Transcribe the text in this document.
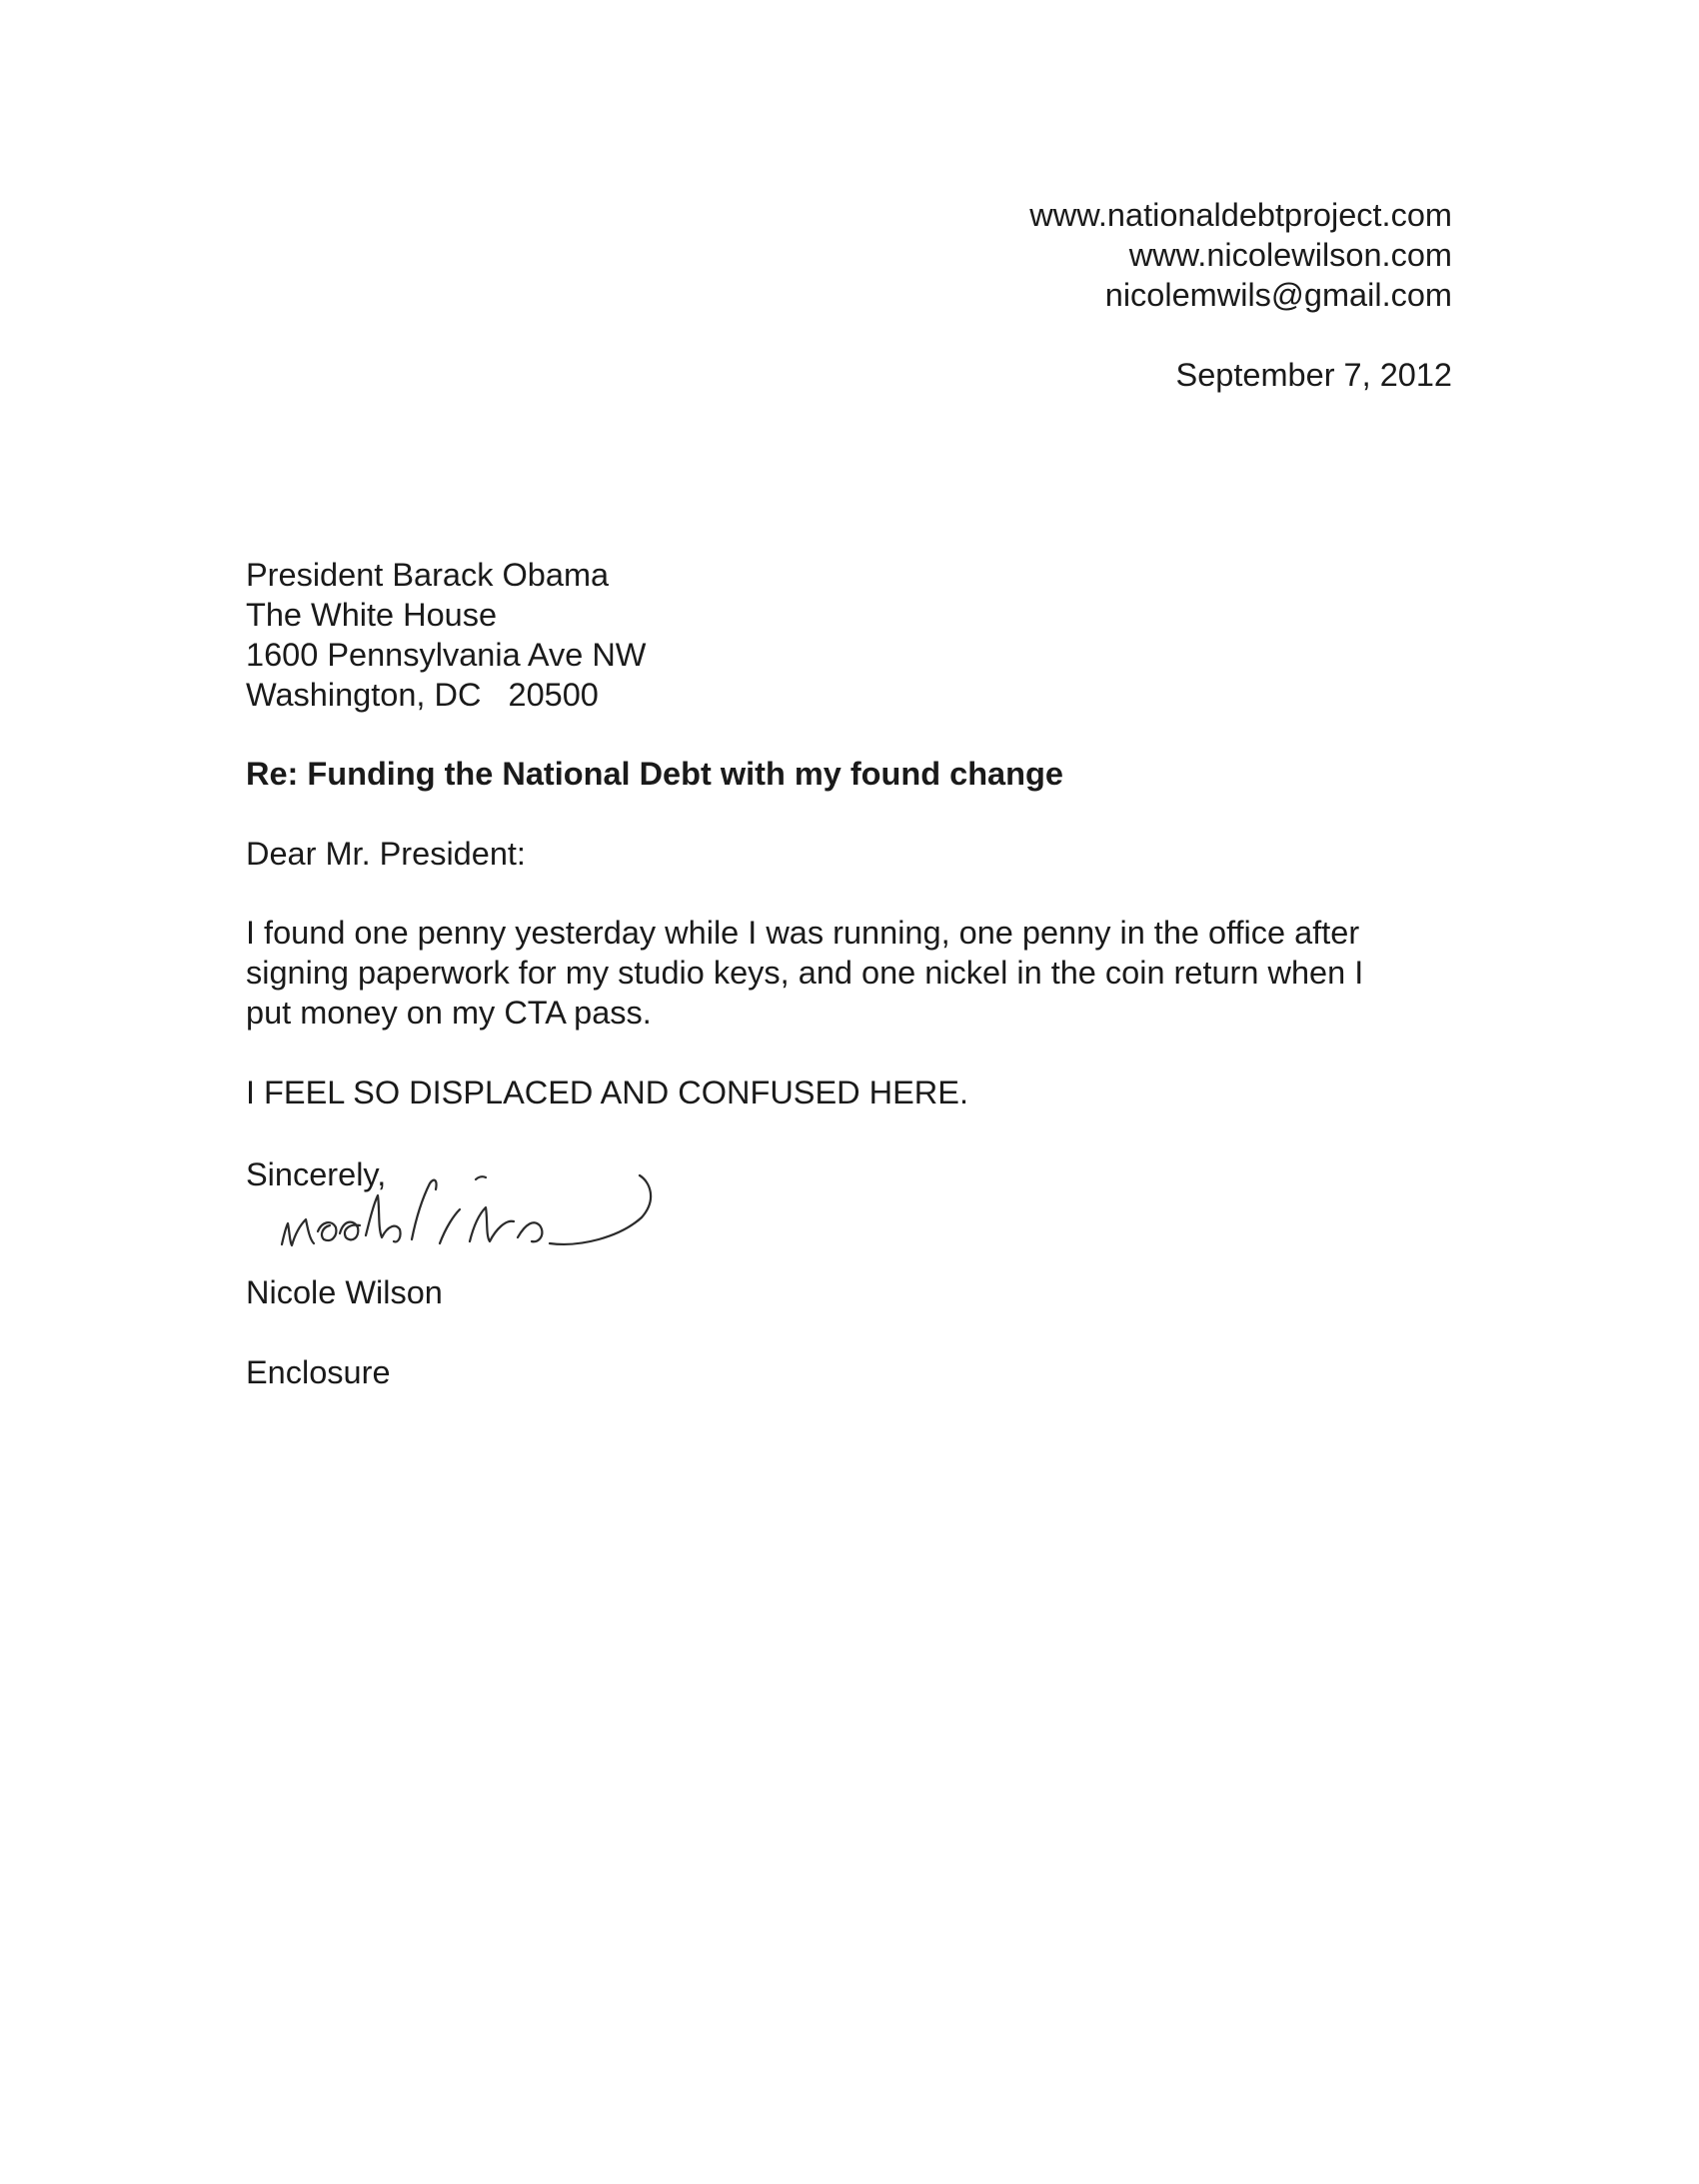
www.nationaldebtproject.com
www.nicolewilson.com
nicolemwils@gmail.com
September 7, 2012
President Barack Obama
The White House
1600 Pennsylvania Ave NW
Washington, DC   20500
Re: Funding the National Debt with my found change
Dear Mr. President:
I found one penny yesterday while I was running, one penny in the office after
signing paperwork for my studio keys, and one nickel in the coin return when I
put money on my CTA pass.
I FEEL SO DISPLACED AND CONFUSED HERE.
Sincerely,
Nicole Wilson
Enclosure
